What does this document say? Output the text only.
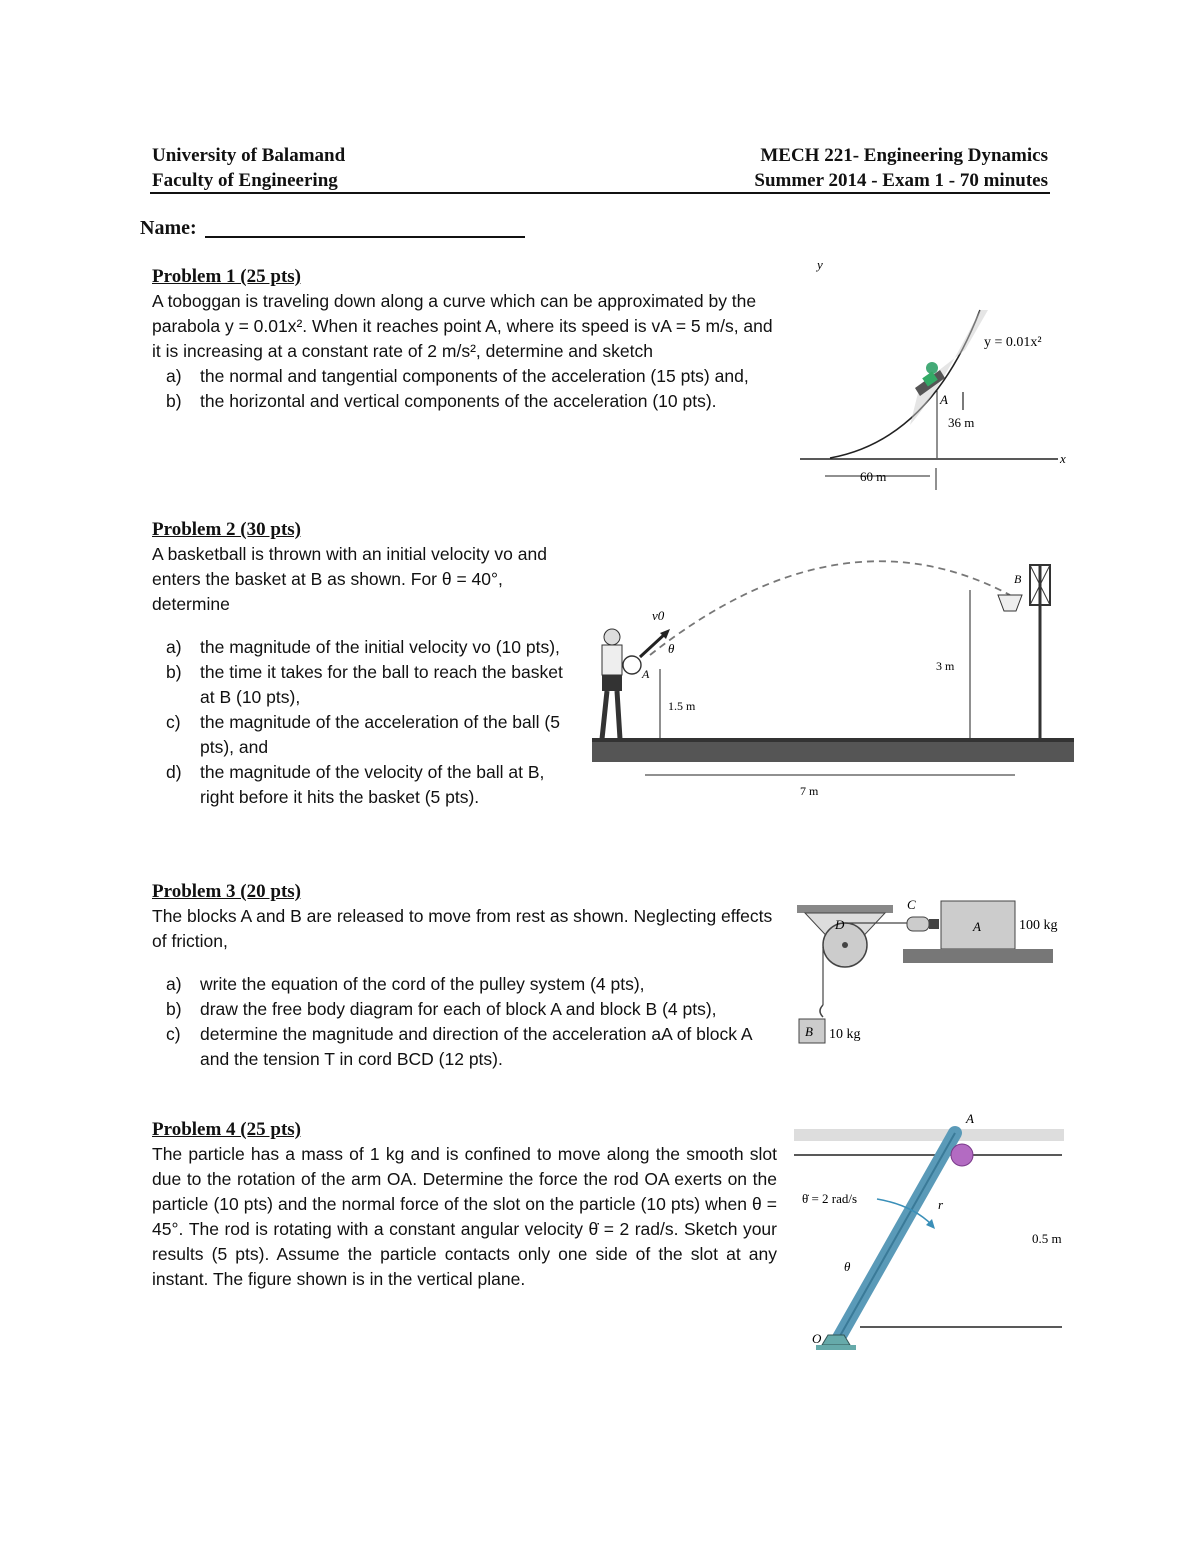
University of Balamand
Faculty of Engineering
MECH 221- Engineering Dynamics
Summer 2014 - Exam 1 - 70 minutes
Name:
Problem 1 (25 pts)
A toboggan is traveling down along a curve which can be approximated by the parabola y = 0.01x². When it reaches point A, where its speed is vA = 5 m/s, and it is increasing at a constant rate of 2 m/s², determine and sketch
a)	the normal and tangential components of the acceleration (15 pts) and,
b)	the horizontal and vertical components of the acceleration (10 pts).
y
x
y = 0.01x²
A
36 m
60 m
Problem 2 (30 pts)
A basketball is thrown with an initial velocity vo and enters the basket at B as shown. For θ = 40°, determine
a)	the magnitude of the initial velocity vo (10 pts),
b)	the time it takes for the ball to reach the basket at B (10 pts),
c)	the magnitude of the acceleration of the ball (5 pts), and
d)	the magnitude of the velocity of the ball at B, right before it hits the basket (5 pts).
v0
θ
A
1.5 m
3 m
B
7 m
Problem 3 (20 pts)
The blocks A and B are released to move from rest as shown. Neglecting effects of friction,
a)	write the equation of the cord of the pulley system (4 pts),
b)	draw the free body diagram for each of block A and block B (4 pts),
c)	determine the magnitude and direction of the acceleration aA of block A and the tension T in cord BCD (12 pts).
D
C
A	100 kg
B 10 kg
Problem 4 (25 pts)
The particle has a mass of 1 kg and is confined to move along the smooth slot due to the rotation of the arm OA. Determine the force the rod OA exerts on the particle (10 pts) and the normal force of the slot on the particle (10 pts) when θ = 45°. The rod is rotating with a constant angular velocity θ̇ = 2 rad/s. Sketch your results (5 pts). Assume the particle contacts only one side of the slot at any instant. The figure shown is in the vertical plane.
A
O
θ̇ = 2 rad/s	r
θ
0.5 m
